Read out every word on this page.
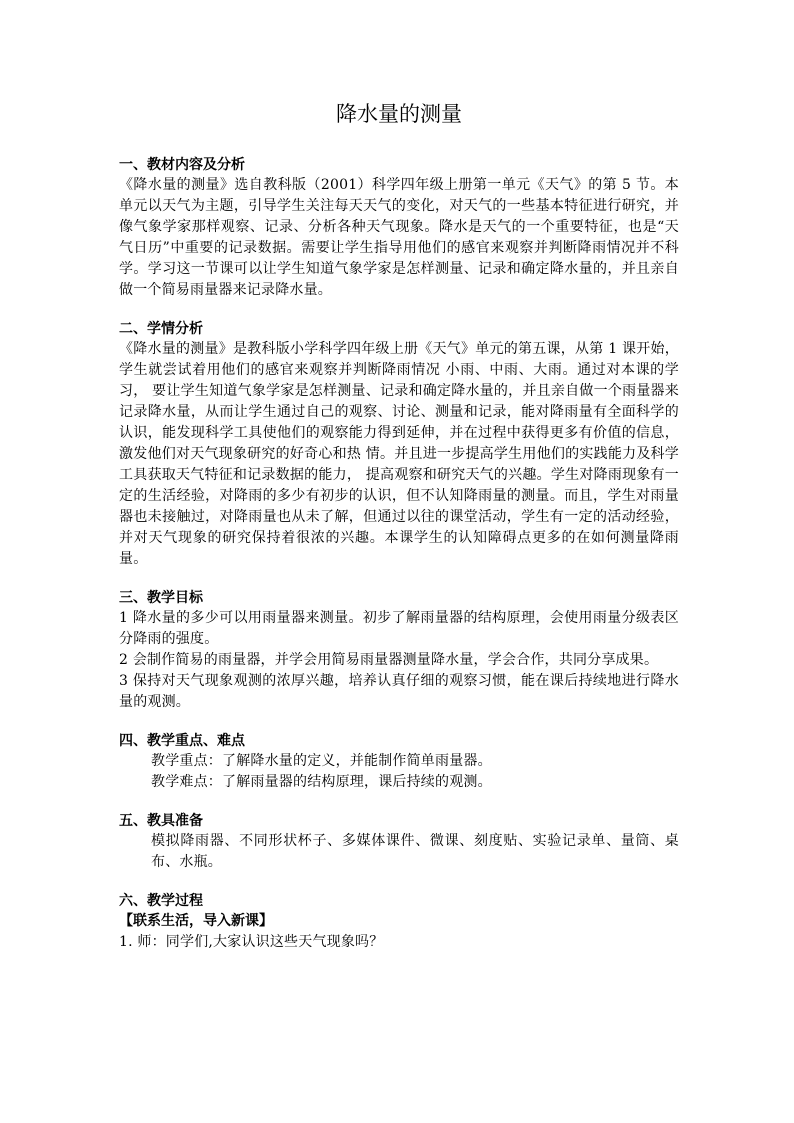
降水量的测量
一、教材内容及分析

《降水量的测量》选自教科版（2001）科学四年级上册第一单元《天气》的第 5 节。本单元以天气为主题，引导学生关注每天天气的变化，对天气的一些基本特征进行研究，并像气象学家那样观察、记录、分析各种天气现象。降水是天气的一个重要特征，也是“天气日历”中重要的记录数据。需要让学生指导用他们的感官来观察并判断降雨情况并不科学。学习这一节课可以让学生知道气象学家是怎样测量、记录和确定降水量的，并且亲自做一个简易雨量器来记录降水量。

二、学情分析

《降水量的测量》是教科版小学科学四年级上册《天气》单元的第五课，从第 1 课开始，学生就尝试着用他们的感官来观察并判断降雨情况 小雨、中雨、大雨。通过对本课的学习， 要让学生知道气象学家是怎样测量、记录和确定降水量的，并且亲自做一个雨量器来记录降水量，从而让学生通过自己的观察、讨论、测量和记录，能对降雨量有全面科学的认识，能发现科学工具使他们的观察能力得到延伸，并在过程中获得更多有价值的信息，激发他们对天气现象研究的好奇心和热 情。并且进一步提高学生用他们的实践能力及科学工具获取天气特征和记录数据的能力， 提高观察和研究天气的兴趣。学生对降雨现象有一定的生活经验，对降雨的多少有初步的认识，但不认知降雨量的测量。而且，学生对雨量器也未接触过，对降雨量也从未了解，但通过以往的课堂活动，学生有一定的活动经验，并对天气现象的研究保持着很浓的兴趣。本课学生的认知障碍点更多的在如何测量降雨量。

三、教学目标

1 降水量的多少可以用雨量器来测量。初步了解雨量器的结构原理，会使用雨量分级表区分降雨的强度。

2 会制作简易的雨量器，并学会用简易雨量器测量降水量，学会合作，共同分享成果。

3 保持对天气现象观测的浓厚兴趣，培养认真仔细的观察习惯，能在课后持续地进行降水量的观测。

四、教学重点、难点

教学重点：了解降水量的定义，并能制作简单雨量器。

教学难点：了解雨量器的结构原理，课后持续的观测。

五、教具准备

模拟降雨器、不同形状杯子、多媒体课件、微课、刻度贴、实验记录单、量筒、桌布、水瓶。

六、教学过程
【联系生活，导入新课】

1. 师：同学们,大家认识这些天气现象吗？
